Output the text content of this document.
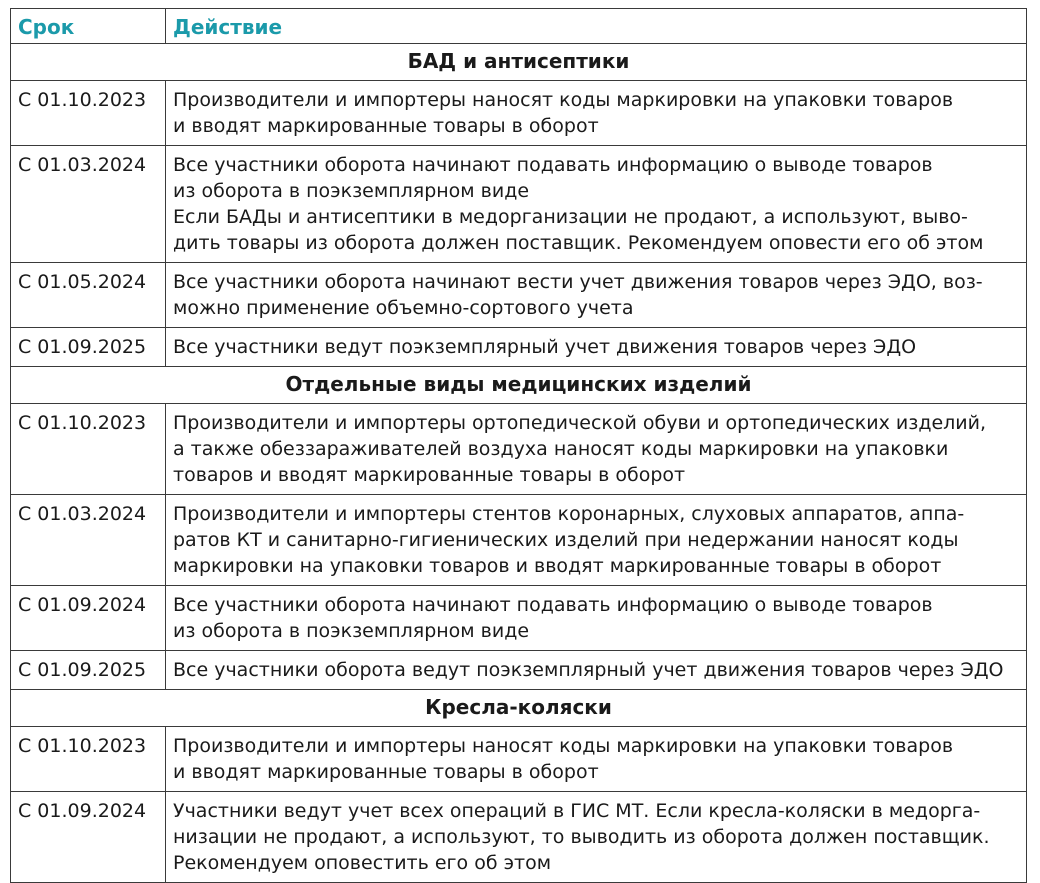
Срок	Действие
БАД и антисептики	
С 01.10.2023	Производители и импортеры наносят коды маркировки на упаковки товаров
и вводят маркированные товары в оборот

С 01.03.2024	Все участники оборота начинают подавать информацию о выводе товаров
из оборота в поэкземплярном виде
Если БАДы и антисептики в медорганизации не продают, а используют, выво-
дить товары из оборота должен поставщик. Рекомендуем оповести его об этом

С 01.05.2024	Все участники оборота начинают вести учет движения товаров через ЭДО, воз-
можно применение объемно-сортового учета

С 01.09.2025	Все участники ведут поэкземплярный учет движения товаров через ЭДО

Отдельные виды медицинских изделий	
С 01.10.2023	Производители и импортеры ортопедической обуви и ортопедических изделий,
а также обеззараживателей воздуха наносят коды маркировки на упаковки
товаров и вводят маркированные товары в оборот

С 01.03.2024	Производители и импортеры стентов коронарных, слуховых аппаратов, аппа-
ратов КТ и санитарно-гигиенических изделий при недержании наносят коды
маркировки на упаковки товаров и вводят маркированные товары в оборот

С 01.09.2024	Все участники оборота начинают подавать информацию о выводе товаров
из оборота в поэкземплярном виде

С 01.09.2025	Все участники оборота ведут поэкземплярный учет движения товаров через ЭДО

Кресла-коляски	
С 01.10.2023	Производители и импортеры наносят коды маркировки на упаковки товаров
и вводят маркированные товары в оборот

С 01.09.2024	Участники ведут учет всех операций в ГИС МТ. Если кресла-коляски в медорга-
низации не продают, а используют, то выводить из оборота должен поставщик.
Рекомендуем оповестить его об этом
